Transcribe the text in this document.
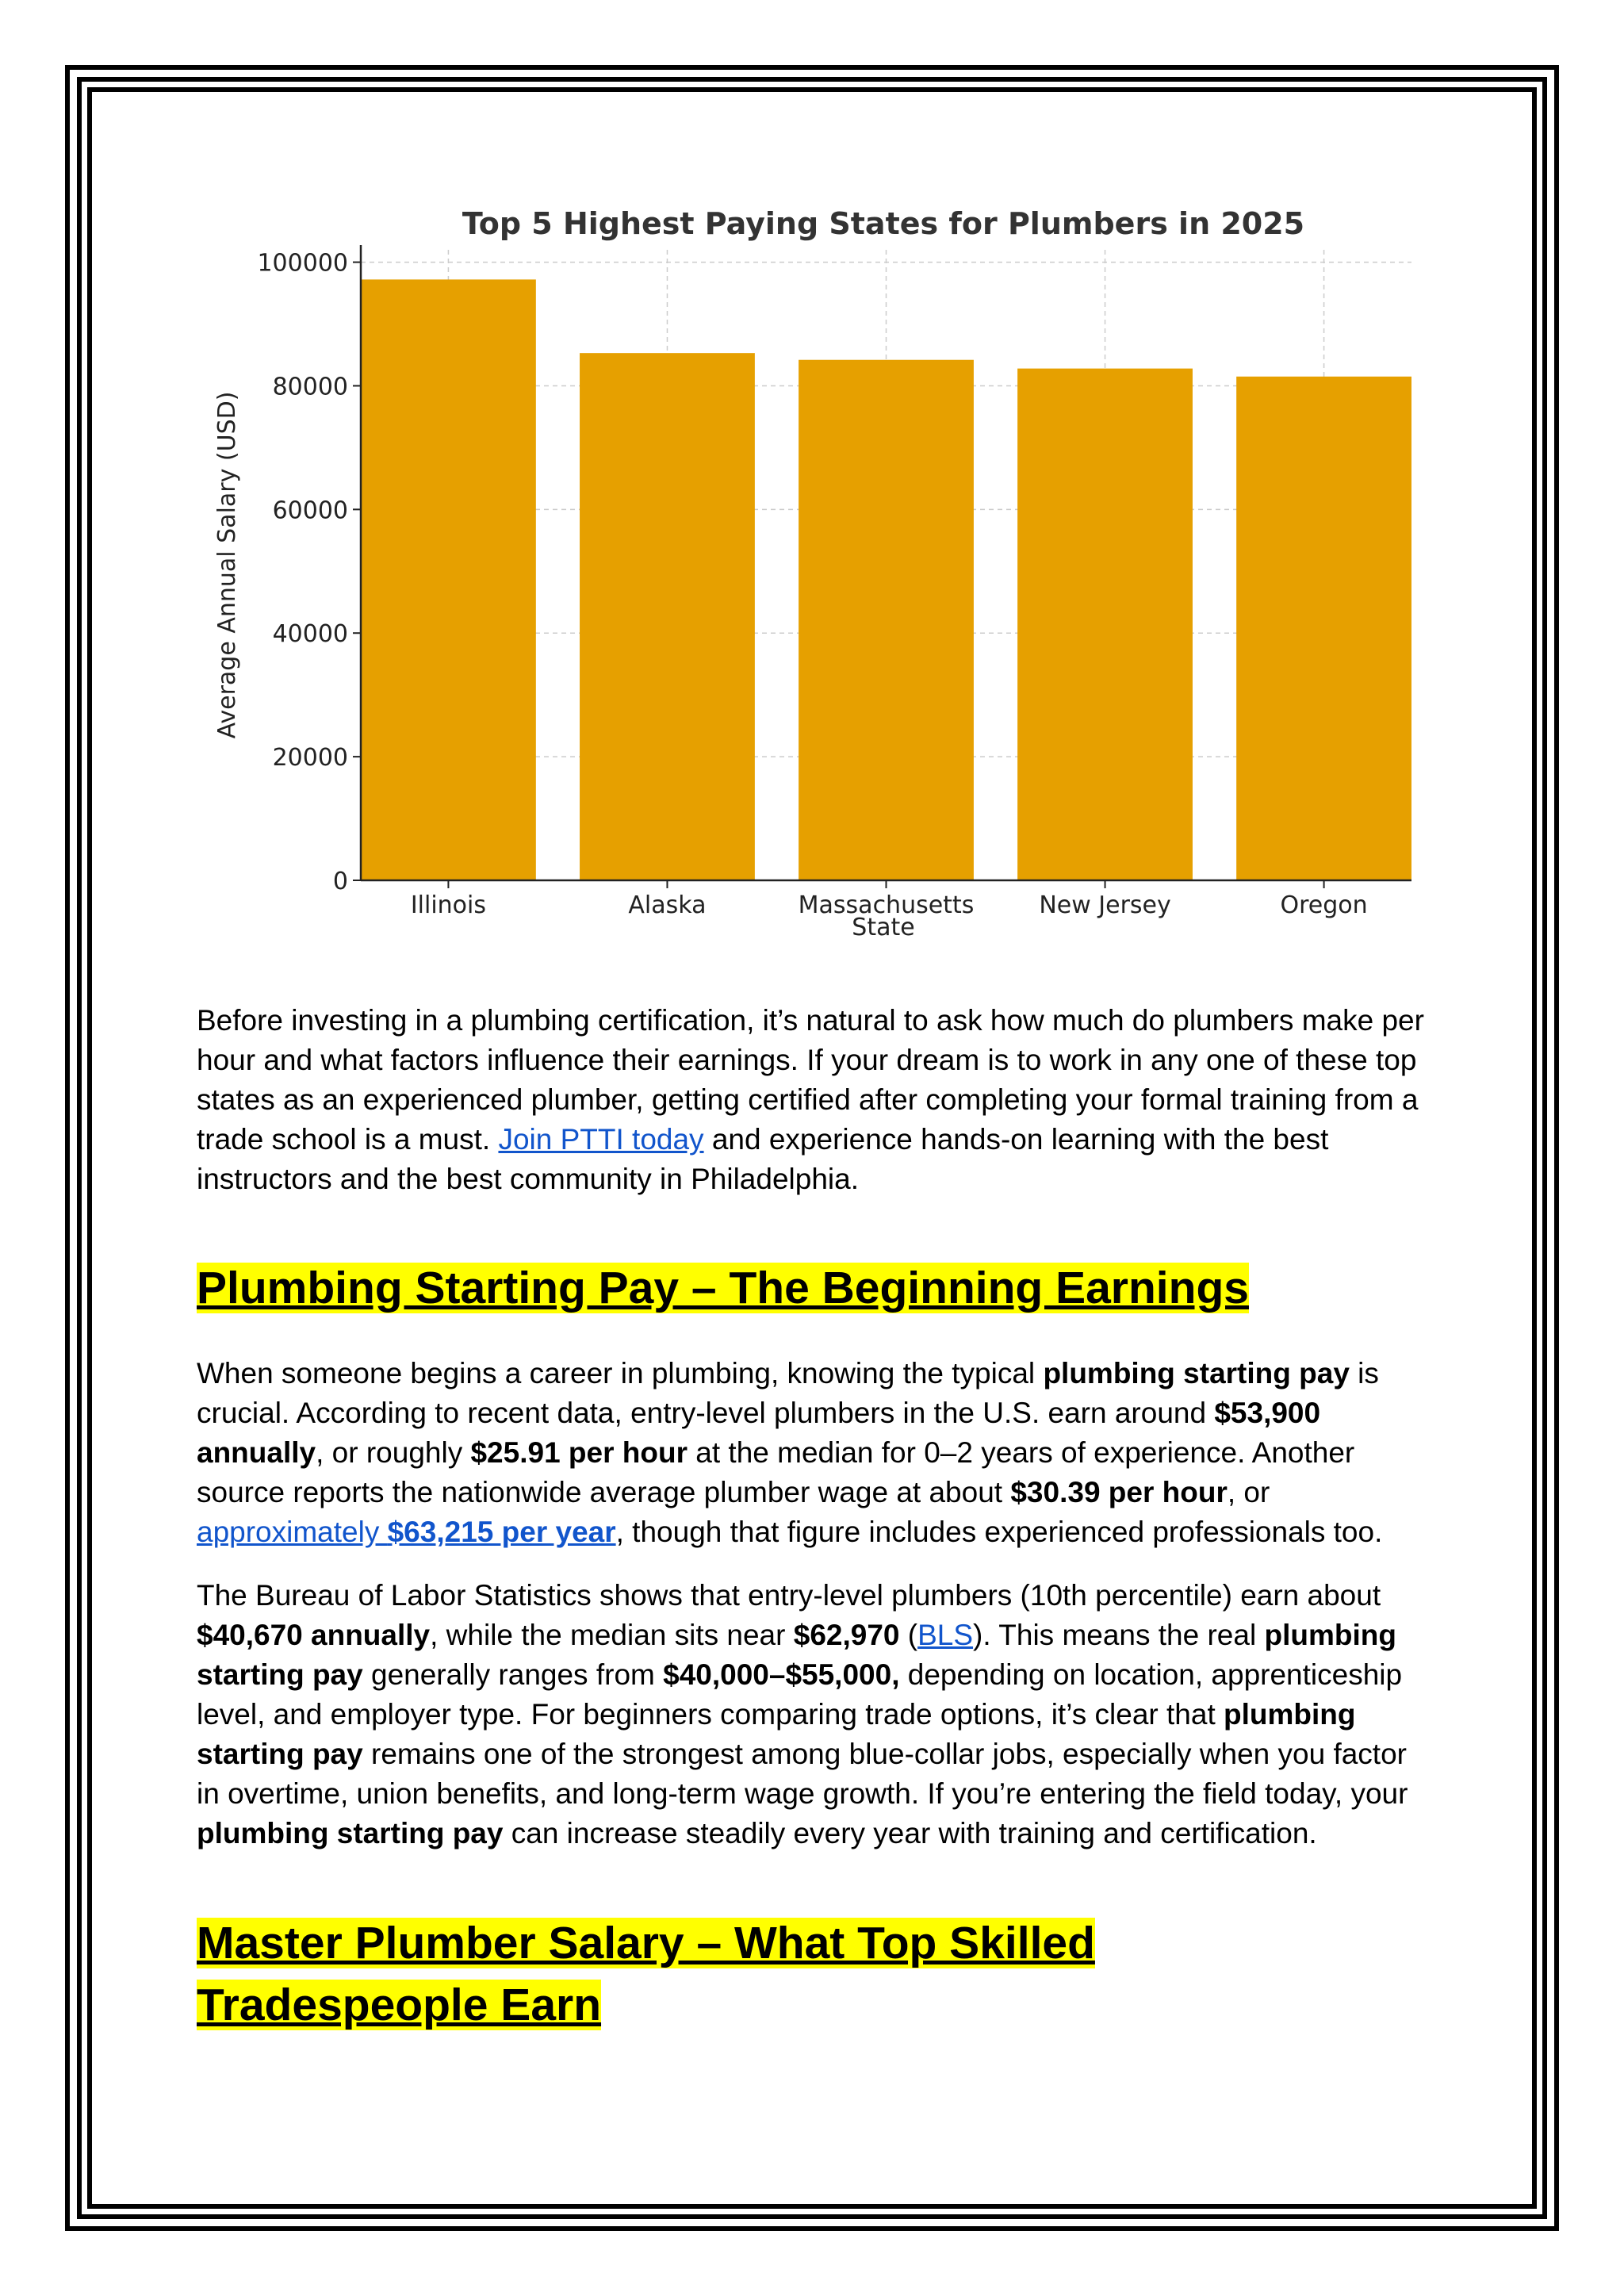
Top 5 Highest Paying States for Plumbers in 2025
0
20000
40000
60000
80000
100000
Illinois	Alaska	Massachusetts	New Jersey	Oregon
Average Annual Salary (USD)
State

Before investing in a plumbing certification, it’s natural to ask how much do plumbers make per hour and what factors influence their earnings. If your dream is to work in any one of these top states as an experienced plumber, getting certified after completing your formal training from a trade school is a must. Join PTTI today and experience hands-on learning with the best instructors and the best community in Philadelphia.

Plumbing Starting Pay – The Beginning Earnings

When someone begins a career in plumbing, knowing the typical plumbing starting pay is crucial. According to recent data, entry-level plumbers in the U.S. earn around $53,900 annually, or roughly $25.91 per hour at the median for 0–2 years of experience. Another source reports the nationwide average plumber wage at about $30.39 per hour, or approximately $63,215 per year, though that figure includes experienced professionals too.

The Bureau of Labor Statistics shows that entry-level plumbers (10th percentile) earn about $40,670 annually, while the median sits near $62,970 (BLS). This means the real plumbing starting pay generally ranges from $40,000–$55,000, depending on location, apprenticeship level, and employer type. For beginners comparing trade options, it’s clear that plumbing starting pay remains one of the strongest among blue-collar jobs, especially when you factor in overtime, union benefits, and long-term wage growth. If you’re entering the field today, your plumbing starting pay can increase steadily every year with training and certification.

Master Plumber Salary – What Top Skilled
Tradespeople Earn
